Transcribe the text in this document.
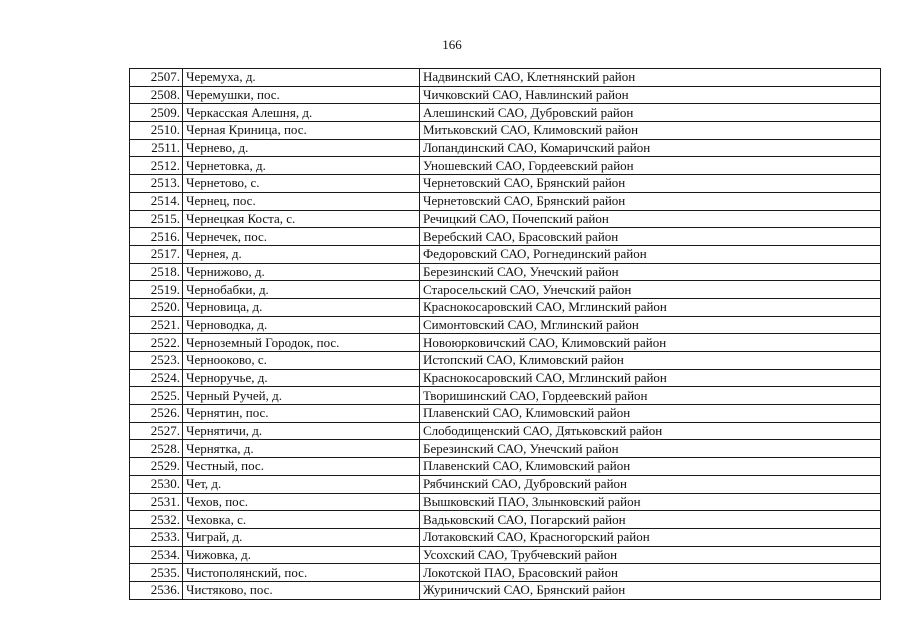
166
2507.	Черемуха, д.	Надвинский САО, Клетнянский район
2508.	Черемушки, пос.	Чичковский САО, Навлинский район
2509.	Черкасская Алешня, д.	Алешинский САО, Дубровский район
2510.	Черная Криница, пос.	Митьковский САО, Климовский район
2511.	Чернево, д.	Лопандинский САО, Комаричский район
2512.	Чернетовка, д.	Уношевский САО, Гордеевский район
2513.	Чернетово, с.	Чернетовский САО, Брянский район
2514.	Чернец, пос.	Чернетовский САО, Брянский район
2515.	Чернецкая Коста, с.	Речицкий САО, Почепский район
2516.	Чернечек, пос.	Веребский САО, Брасовский район
2517.	Чернея, д.	Федоровский САО, Рогнединский район
2518.	Чернижово, д.	Березинский САО, Унечский район
2519.	Чернобабки, д.	Старосельский САО, Унечский район
2520.	Черновица, д.	Краснокосаровский САО, Мглинский район
2521.	Черноводка, д.	Симонтовский САО, Мглинский район
2522.	Черноземный Городок, пос.	Новоюрковичский САО, Климовский район
2523.	Чернооково, с.	Истопский САО, Климовский район
2524.	Черноручье, д.	Краснокосаровский САО, Мглинский район
2525.	Черный Ручей, д.	Творишинский САО, Гордеевский район
2526.	Чернятин, пос.	Плавенский САО, Климовский район
2527.	Чернятичи, д.	Слободищенский САО, Дятьковский район
2528.	Чернятка, д.	Березинский САО, Унечский район
2529.	Честный, пос.	Плавенский САО, Климовский район
2530.	Чет, д.	Рябчинский САО, Дубровский район
2531.	Чехов, пос.	Вышковский ПАО, Злынковский район
2532.	Чеховка, с.	Вадьковский САО, Погарский район
2533.	Чиграй, д.	Лотаковский САО, Красногорский район
2534.	Чижовка, д.	Усохский САО, Трубчевский район
2535.	Чистополянский, пос.	Локотской ПАО, Брасовский район
2536.	Чистяково, пос.	Журиничский САО, Брянский район
